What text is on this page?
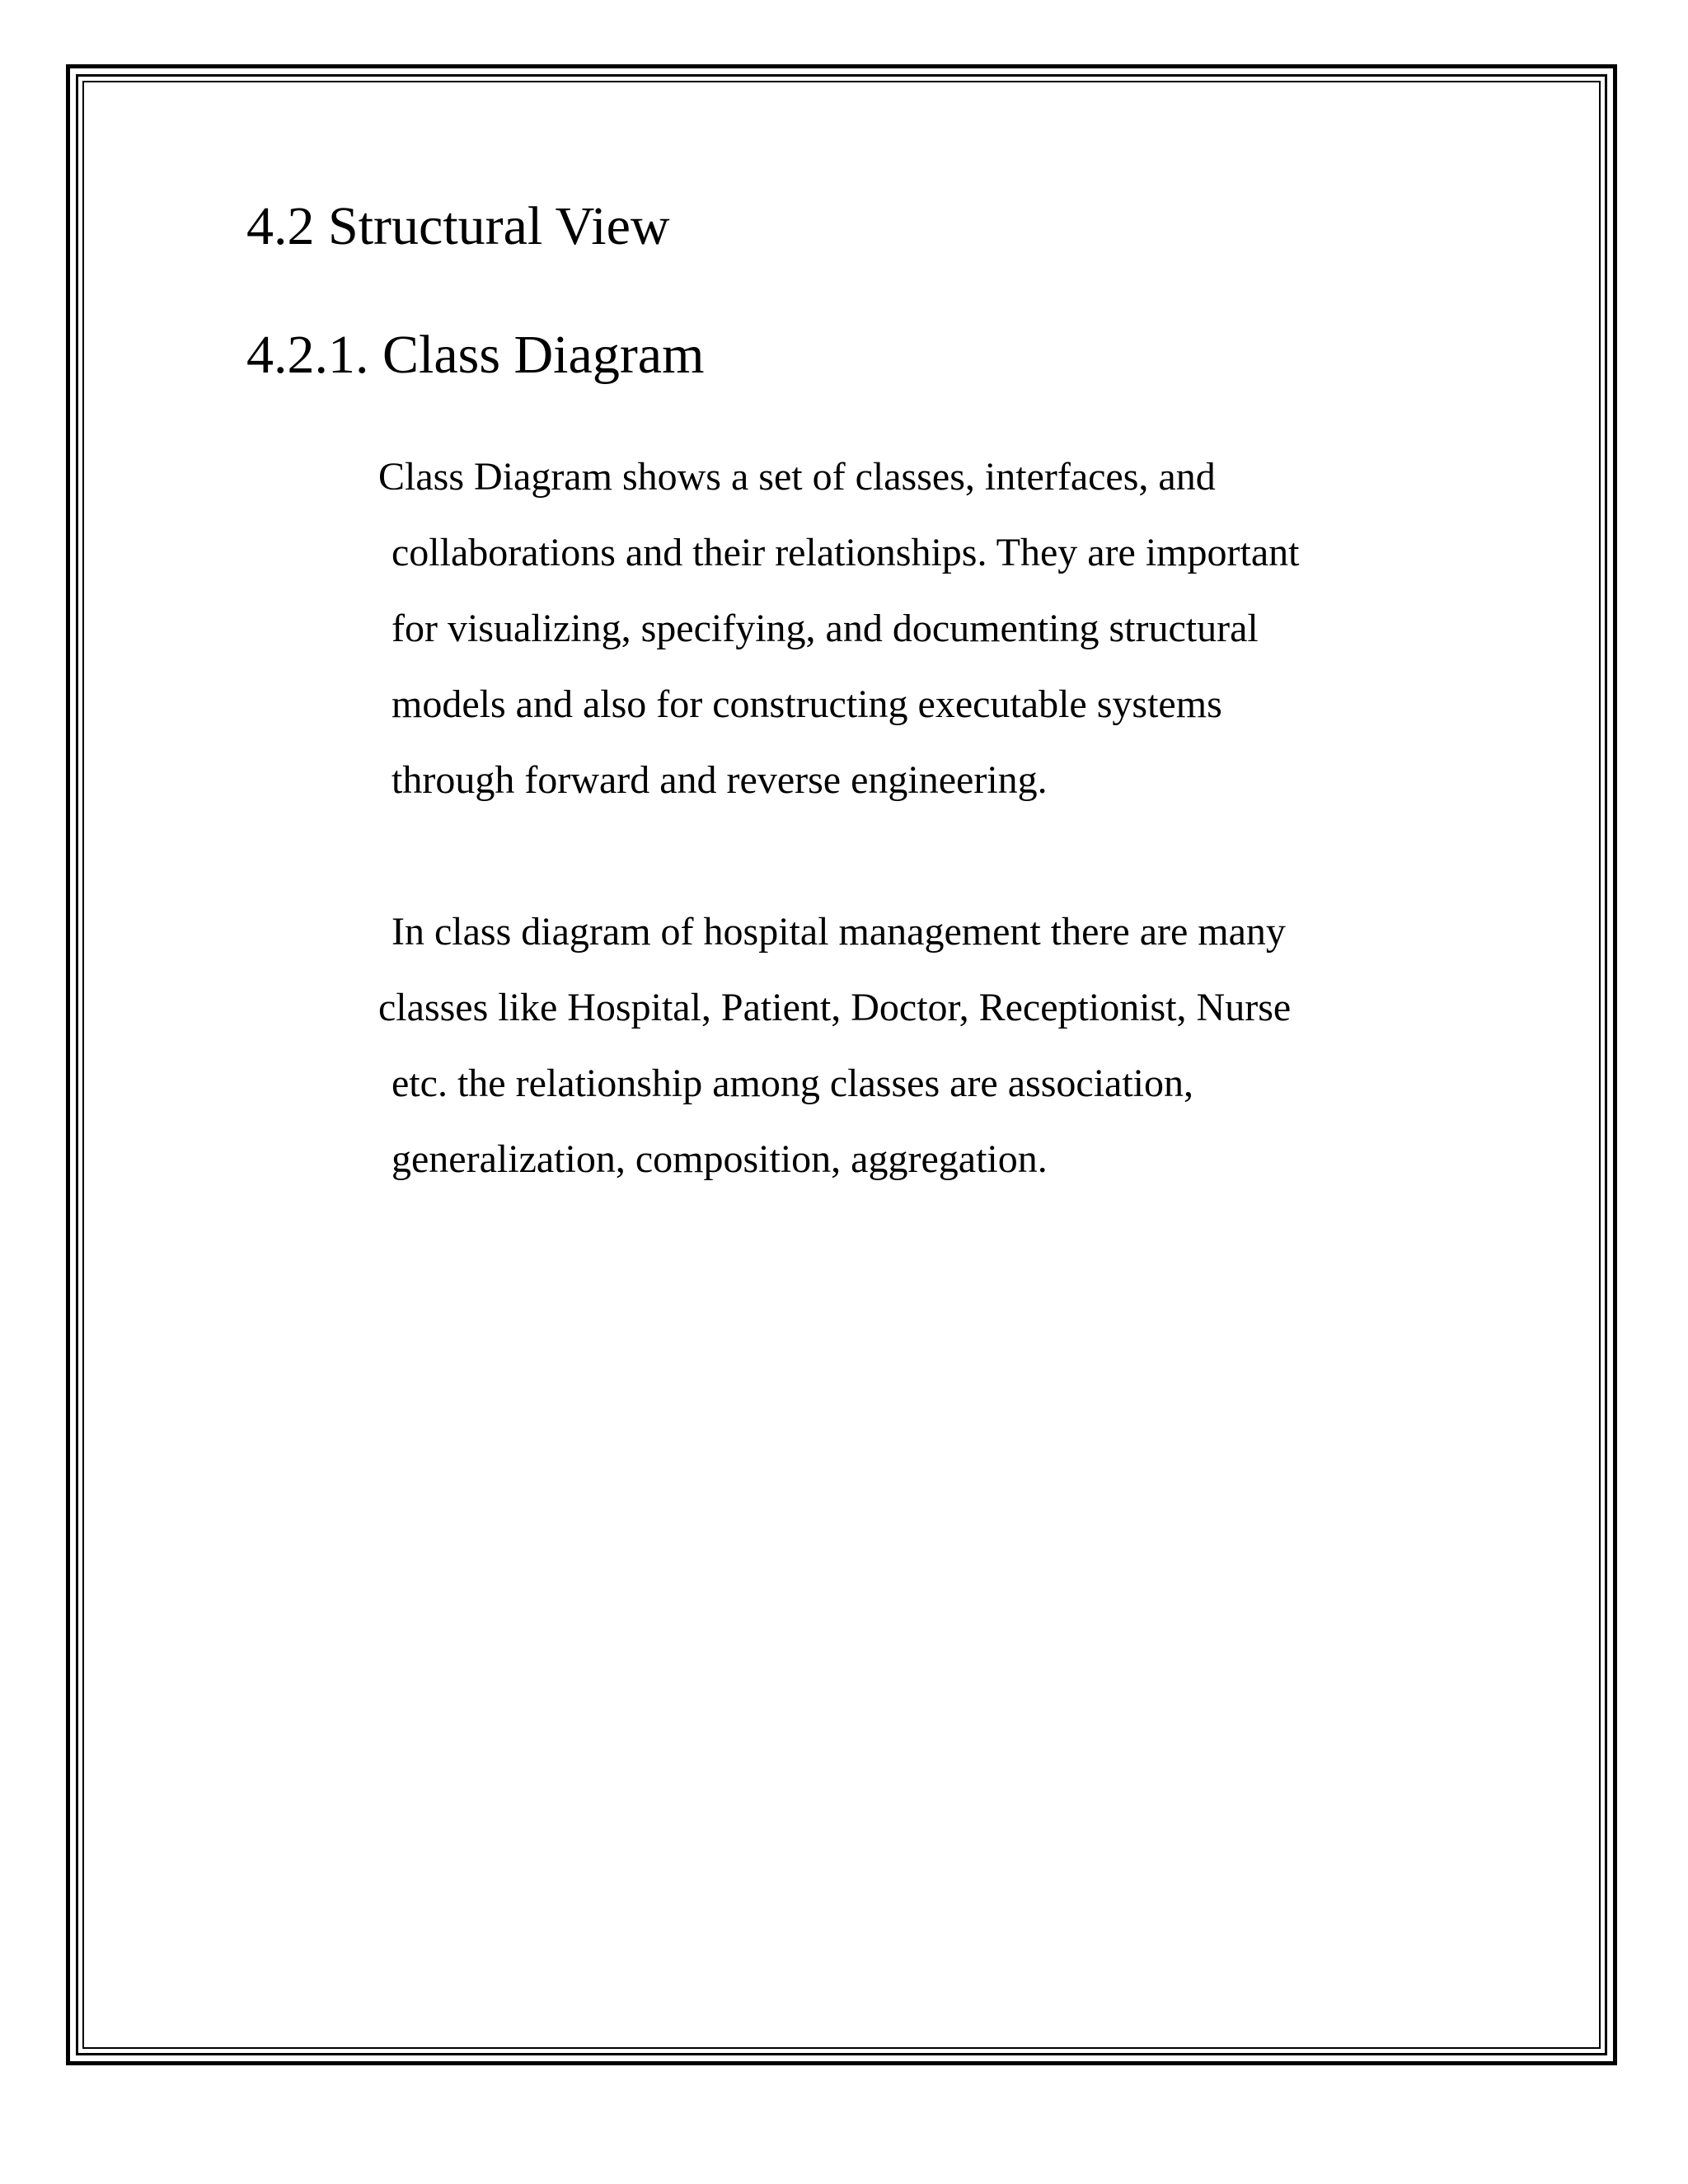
4.2 Structural View
4.2.1. Class Diagram
Class Diagram shows a set of classes, interfaces, and
collaborations and their relationships. They are important
for visualizing, specifying, and documenting structural
models and also for constructing executable systems
through forward and reverse engineering.
In class diagram of hospital management there are many
classes like Hospital, Patient, Doctor, Receptionist, Nurse
etc. the relationship among classes are association,
generalization, composition, aggregation.
